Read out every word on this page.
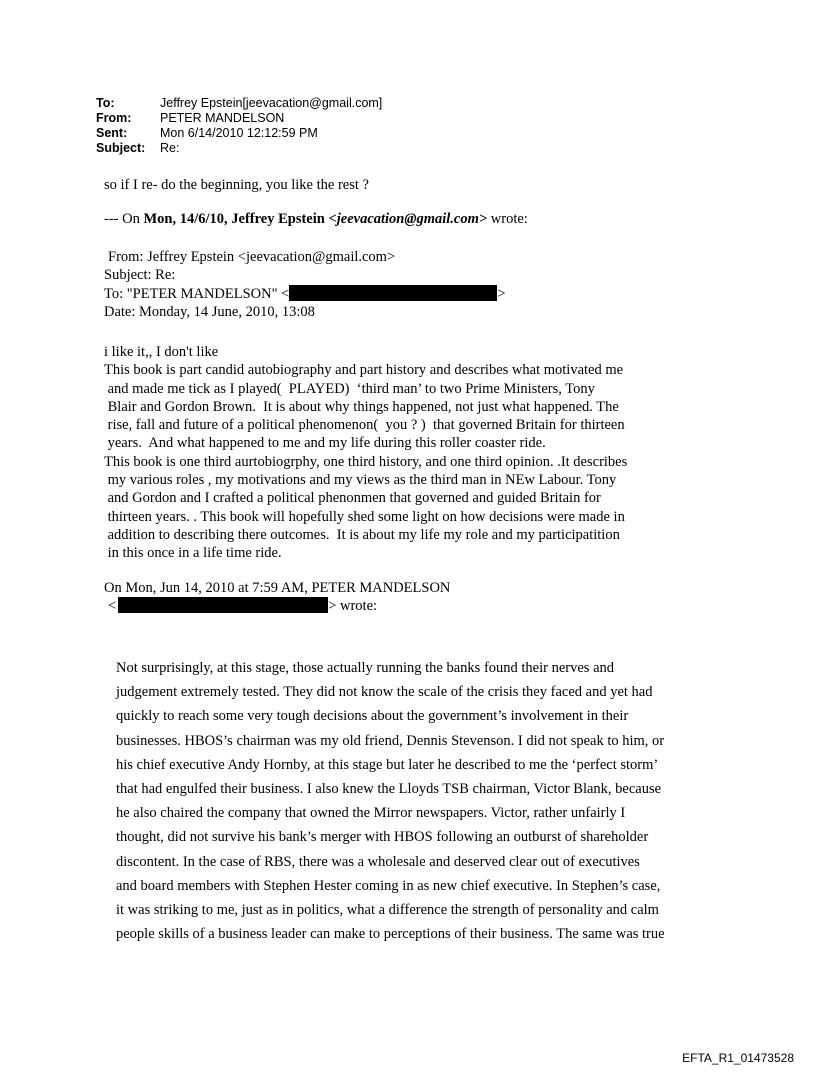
To:	Jeffrey Epstein[jeevacation@gmail.com]
From:	PETER MANDELSON
Sent:	Mon 6/14/2010 12:12:59 PM
Subject:	Re:
so if I re- do the beginning, you like the rest ?
--- On Mon, 14/6/10, Jeffrey Epstein <jeevacation@gmail.com> wrote:
From: Jeffrey Epstein <jeevacation@gmail.com>
Subject: Re:
To: "PETER MANDELSON" <	>
Date: Monday, 14 June, 2010, 13:08
i like it,, I don't like
This book is part candid autobiography and part history and describes what motivated me
and made me tick as I played(  PLAYED)  ‘third man’ to two Prime Ministers, Tony
Blair and Gordon Brown.  It is about why things happened, not just what happened. The
rise, fall and future of a political phenomenon(  you ? )  that governed Britain for thirteen
years.  And what happened to me and my life during this roller coaster ride.
This book is one third aurtobiogrphy, one third history, and one third opinion. .It describes
my various roles , my motivations and my views as the third man in NEw Labour. Tony
and Gordon and I crafted a political phenonmen that governed and guided Britain for
thirteen years. . This book will hopefully shed some light on how decisions were made in
addition to describing there outcomes.  It is about my life my role and my participatition
in this once in a life time ride.
On Mon, Jun 14, 2010 at 7:59 AM, PETER MANDELSON
<	> wrote:
Not surprisingly, at this stage, those actually running the banks found their nerves and
judgement extremely tested. They did not know the scale of the crisis they faced and yet had
quickly to reach some very tough decisions about the government’s involvement in their
businesses. HBOS’s chairman was my old friend, Dennis Stevenson. I did not speak to him, or
his chief executive Andy Hornby, at this stage but later he described to me the ‘perfect storm’
that had engulfed their business. I also knew the Lloyds TSB chairman, Victor Blank, because
he also chaired the company that owned the Mirror newspapers. Victor, rather unfairly I
thought, did not survive his bank’s merger with HBOS following an outburst of shareholder
discontent. In the case of RBS, there was a wholesale and deserved clear out of executives
and board members with Stephen Hester coming in as new chief executive. In Stephen’s case,
it was striking to me, just as in politics, what a difference the strength of personality and calm
people skills of a business leader can make to perceptions of their business. The same was true
EFTA_R1_01473528
